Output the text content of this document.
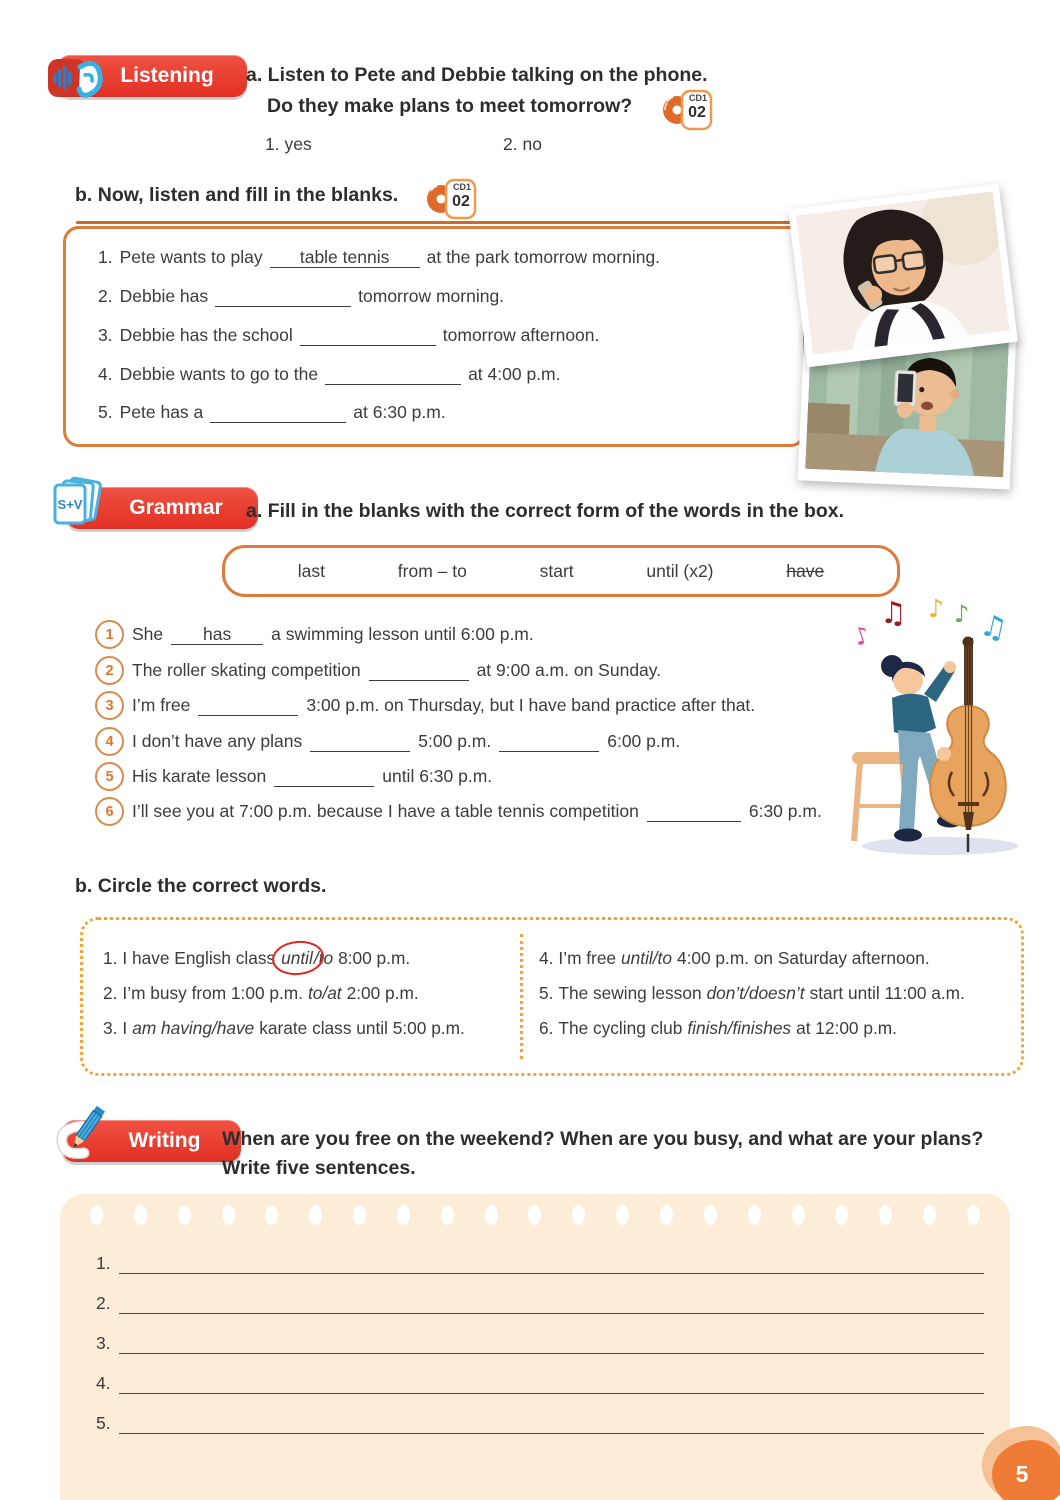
Listening a. Listen to Pete and Debbie talking on the phone.
Do they make plans to meet tomorrow?	CD1
02
1. yes	2. no
b. Now, listen and fill in the blanks.	CD1
02
1. Pete wants to play	table tennis	at the park tomorrow morning.
2. Debbie has	tomorrow morning.
3. Debbie has the school	tomorrow afternoon.
4. Debbie wants to go to the	at 4:00 p.m.
5. Pete has a	at 6:30 p.m.
S+V Grammar a. Fill in the blanks with the correct form of the words in the box.
last	from – to	start	until (x2)	have
♪
♫ ♪ ♪ ♫
1	She	has	a swimming lesson until 6:00 p.m.
2	The roller skating competition	at 9:00 a.m. on Sunday.
3	I’m free	3:00 p.m. on Thursday, but I have band practice after that.
4	I don’t have any plans	5:00 p.m.	6:00 p.m.
5	His karate lesson	until 6:30 p.m.
6	I’ll see you at 7:00 p.m. because I have a table tennis competition	6:30 p.m.
b. Circle the correct words.
1. I have English class until / to 8:00 p.m.
2. I’m busy from 1:00 p.m. to/at 2:00 p.m.
3. I am having/have karate class until 5:00 p.m.
4. I’m free until/to 4:00 p.m. on Saturday afternoon.
5. The sewing lesson don’t/doesn’t start until 11:00 a.m.
6. The cycling club finish/finishes at 12:00 p.m.
Writing When are you free on the weekend? When are you busy, and what are your plans?
Write five sentences.
1.
2.
3.
4.
5.
5
